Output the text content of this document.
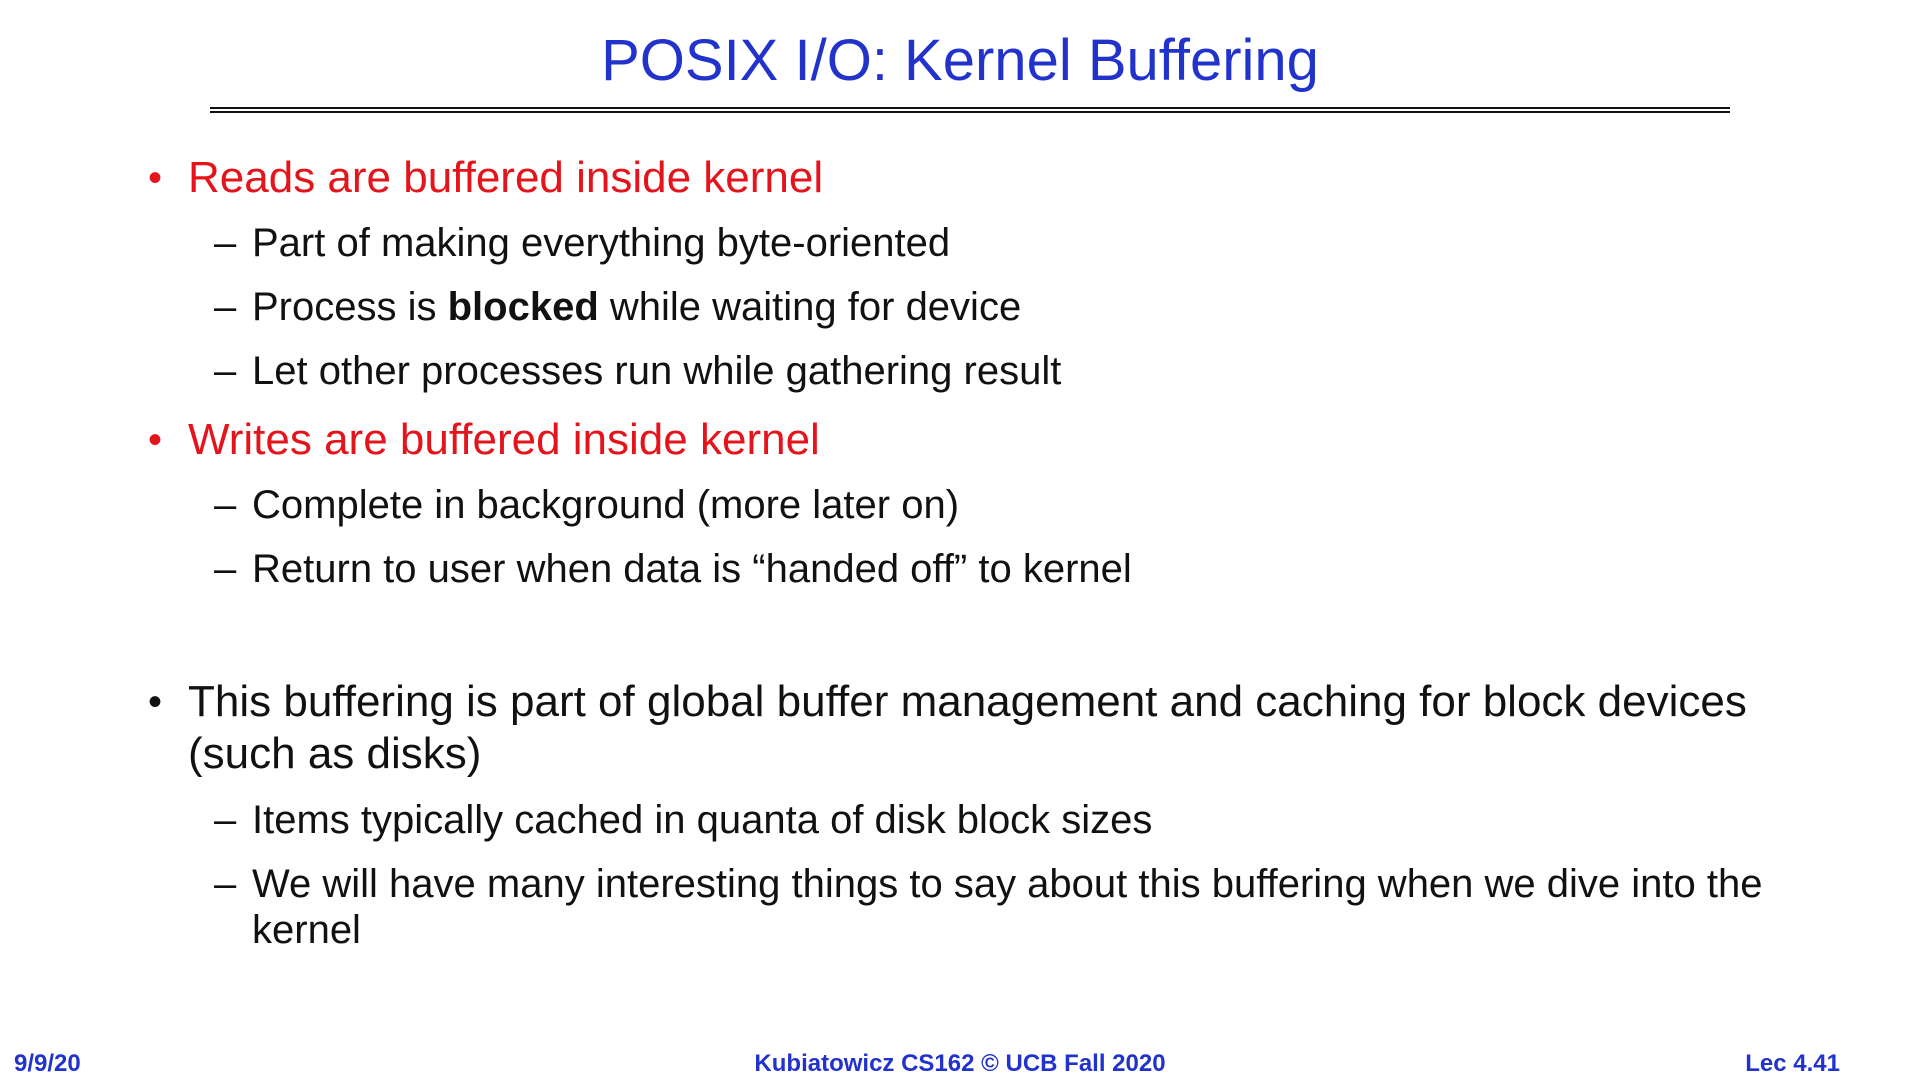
POSIX I/O: Kernel Buffering
• Reads are buffered inside kernel
– Part of making everything byte-oriented
– Process is blocked while waiting for device
– Let other processes run while gathering result
• Writes are buffered inside kernel
– Complete in background (more later on)
– Return to user when data is “handed off” to kernel
• This buffering is part of global buffer management and caching for block devices
(such as disks)
– Items typically cached in quanta of disk block sizes
– We will have many interesting things to say about this buffering when we dive into the
kernel
9/9/20	Kubiatowicz CS162 © UCB Fall 2020	Lec 4.41
